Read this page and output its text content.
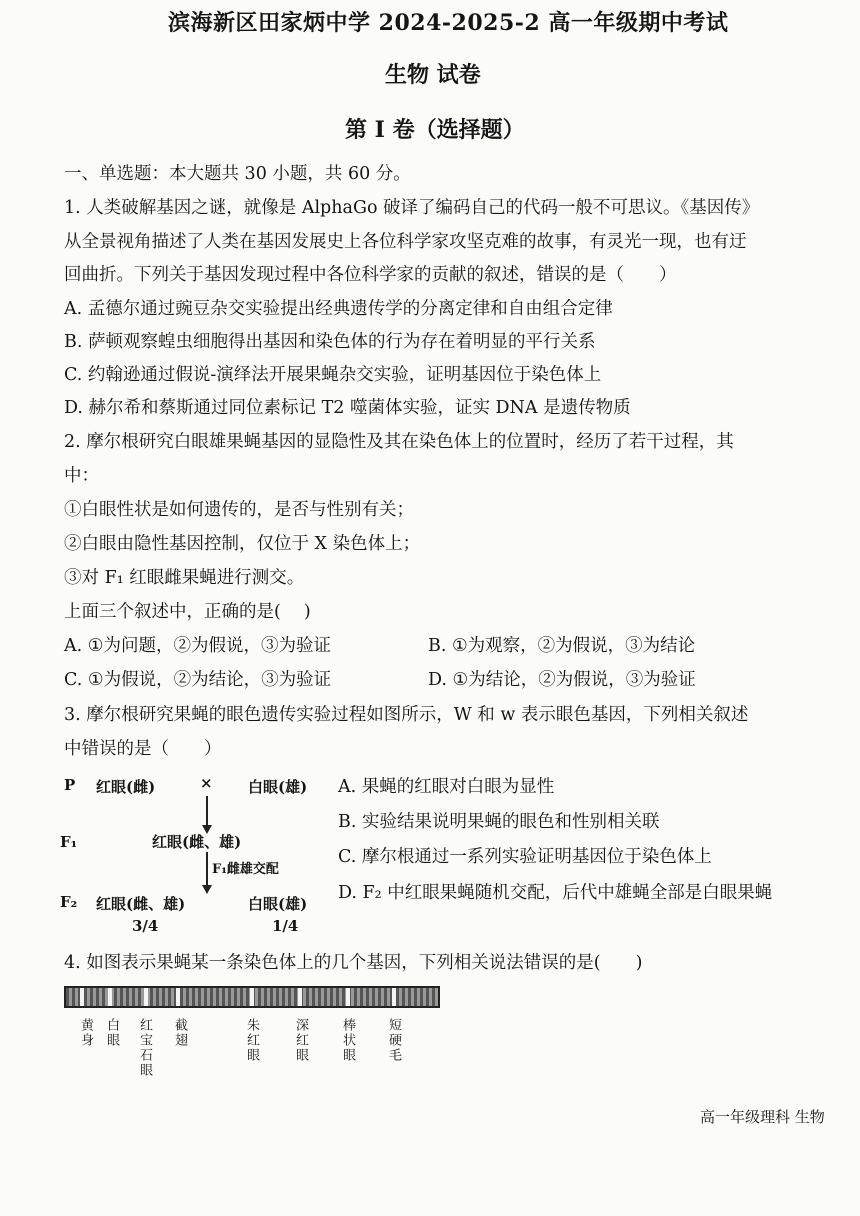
滨海新区田家炳中学 2024-2025-2 高一年级期中考试
生物 试卷
第 I 卷（选择题）
一、单选题：本大题共 30 小题，共 60 分。
1. 人类破解基因之谜，就像是 AlphaGo 破译了编码自己的代码一般不可思议。《基因传》
从全景视角描述了人类在基因发展史上各位科学家攻坚克难的故事，有灵光一现，也有迂
回曲折。下列关于基因发现过程中各位科学家的贡献的叙述，错误的是（　　）
A. 孟德尔通过豌豆杂交实验提出经典遗传学的分离定律和自由组合定律
B. 萨顿观察蝗虫细胞得出基因和染色体的行为存在着明显的平行关系
C. 约翰逊通过假说-演绎法开展果蝇杂交实验，证明基因位于染色体上
D. 赫尔希和蔡斯通过同位素标记 T2 噬菌体实验，证实 DNA 是遗传物质
2. 摩尔根研究白眼雄果蝇基因的显隐性及其在染色体上的位置时，经历了若干过程，其
中：
①白眼性状是如何遗传的，是否与性别有关；
②白眼由隐性基因控制，仅位于 X 染色体上；
③对 F₁ 红眼雌果蝇进行测交。
上面三个叙述中，正确的是(　 )
A. ①为问题，②为假说，③为验证	B. ①为观察，②为假说，③为结论
C. ①为假说，②为结论，③为验证	D. ①为结论，②为假说，③为验证
3. 摩尔根研究果蝇的眼色遗传实验过程如图所示，W 和 w 表示眼色基因，下列相关叙述
中错误的是（　　）
P 红眼(雌)	× 白眼(雄)
F₁	红眼(雌、雄)
F₁雌雄交配
F₂ 红眼(雌、雄)	白眼(雄)
3/4	1/4
A. 果蝇的红眼对白眼为显性
B. 实验结果说明果蝇的眼色和性别相关联
C. 摩尔根通过一系列实验证明基因位于染色体上
D. F₂ 中红眼果蝇随机交配，后代中雄蝇全部是白眼果蝇
4. 如图表示果蝇某一条染色体上的几个基因，下列相关说法错误的是(　　)
黄身 白眼 红宝石眼 截翅	朱红眼	深红眼 棒状眼 短硬毛
高一年级理科 生物
